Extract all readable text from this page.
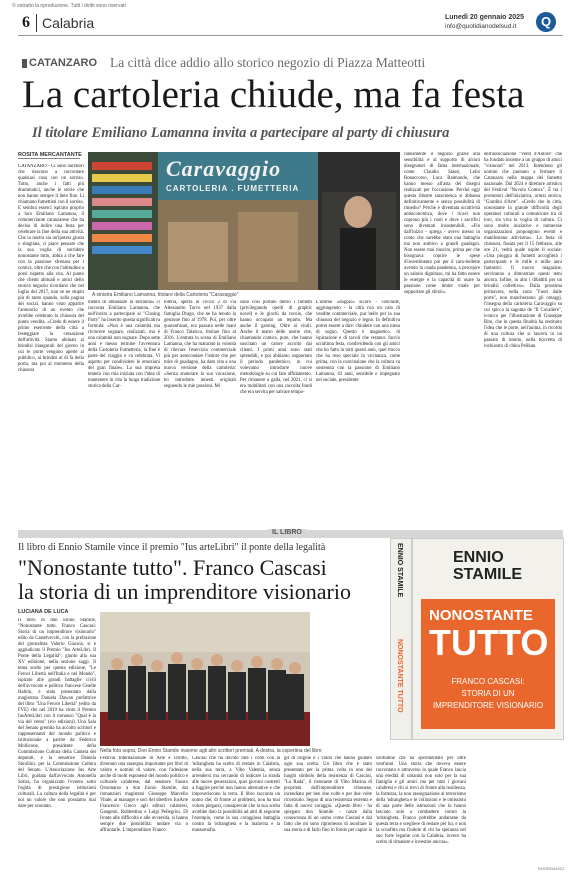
© estratto la riproduzione. Tutti i diritti sono riservati
6 Calabria	Lunedì 20 gennaio 2025
info@quotidianodelsud.it	Q
CATANZARO La città dice addio allo storico negozio di Piazza Matteotti
La cartoleria chiude, ma fa festa
Il titolare Emiliano Lamanna invita a partecipare al party di chiusura
ROSITA MERCANTANTE
CATANZARO - Ci sono narratori che riescono a raccontare qualsiasi cosa con un sorriso. Tutto, anche i fatti più drammatici, anche le storie che non hanno sempre il lieto fine. Li chiamano fumettisti con il sorriso. E sembra esserci ispirato proprio a loro Emiliano Lamanna, il commerciante catanzarese che ha deciso di indire una festa per celebrare la fine della sua attività. Che la nostra sia un'ipotesi giusta o sbagliata, ci piace pensare che la sua voglia di sorridere nonostante tutto, abbia a che fare con la passione sfrenata per i comics, oltre che con l'attitudine a porsi rispetto alla vita. Al punto che clienti abituali e amici dello storico negozio ricordano che nel luglio del 2017, non se ne stupiti più di tanto quando, sulla pagina dei social, hanno visto apparire l'annuncio di un evento che avrebbe celebrato la chiusura del punto vendita. «Credo di essere il primo esercente della città a festeggiare la cessazione dell'attività. Siamo abituati ai brindisi inaugurali del giorno in cui le porte vengono aperte al pubblico, ai brindisi al di là della porta, ma poi al momento della chiusura
Caravaggio
CARTOLERIA . FUMETTERIA
A sinistra Emiliano Lamanna, titolare della Cartoleria "Caravaggio"
mento di abbassare la serranda» ci racconta Emiliano Lamanna, che nell'invito a partecipare al "Closing Party" ha inserito questa significativa formula: «Non è una calamità ma rivincere sognare, realizzati, ma è una calamità non sognare. Dopo sette anni e messo termine l'avventura della Cartoleria Fumetteria, la fine è parte del viaggio e va celebrata. Vi aspetto per condividere le emozioni del gran finale». La sua impresa tenterà con mia iniziata con l'idea di mantenere in vita la lunga tradizione storica della Car-
toleria, aperta al civico 2 di via Alessandro Turco nel 1937 dalla famiglia Drago, che ne ha tenuto la gestione fino al 1978. Poi, per oltre quarant'anni, era passata nelle mani di Franco Talarico, titolare fino al 2016. L'entrata in scena di Emiliano Lamanna, che ha maturato la volontà di rilevare l'esercizio commerciale più per assecondare l'istinto che per mire di guadagno, ha dato vita a una nuova versione della cartoleria: «Senza snaturare la sua vocazione, ho introdotto innesti originali seguendo le mie passioni. Mi
sono così portato dietro i fumetti (privilegiando quelli di graphic novel) e le giochi da tavolo, che hanno occupato un reparto. Ma anche il gaming. Oltre ai vinili. Anche il teatro delle nostre vite, chiamando comics, pure, che hanno suscitato un calore accolto dai clienti. I primi anni sono stati splendidi, e poi abbiamo sopportato il periodo pandemico, in cui volevamo introdurre nuove metodologie su cui fare affidamento. Per rimanere a galla, nel 2021, ci si era mobilitati con una raccolta fondi che era servita per salvare tempo-
raneamente il negozio grazie alla sensibilità e al supporto di alcuni disegnatori di fama internazionale, come Claudio Stassi, Lelio Bonaccorso, Luca Raimondo, che hanno messo all'asta dei disegni realizzati per l'occasione. Perché oggi questa illustre saracinesca si abbassa definitivamente e senza possibilità di rimedio? Perché è diventata un'attività antieconomica, dove i ricavi non coprono più i costi e dove i sacrifici sono diventati insostenibili. «Fin dall'inizio - spiega - avevo messo in conto che sarebbe stata una battaglia ma non ambivo a grandi guadagni. Non essere mai riuscito, prima per che bisognava coprire le spese d'investimento poi per il caro-bollette avendo la cauda pandemia, a percepire un salario dignitoso, mi ha fatto essere le energie e la capacità di usare la passione come limite vitale per sopportare gli sforzi».
dell'associazione "Venti d'Autore" che ha fondato insieme a un gruppo di amici "visionari" nel 2013. Intendono gli uomini che puntano a fermare il Catanzaro nella mappa del fumetto nazionale. Dal 2024 è direttore artistico del Festival "Nuvola Comics". È tra i promotori dell'iniziativa, ormai storica, "Giardini d'Arte". «Credo che in città, nonostante la grande difficoltà degli operatori culturali a comunicare tra di loro, sia viva la voglia di cultura. Ci sono molte iniziative e numerose organizzazioni propongono eventi e manifestano attivismo». La festa di chiusura, fissata per il 15 febbraio, alle ore 21, vedrà quale ospite il sociale: «Una pioggia di fumetti accoglierà i partecipanti e le mille e mille anni fantastici. Il nuovo magazine, serviranno a dimostrare questi temi ancora. Infine, in alto i dibattiti per un brindisi collettivo». Dalla prossima primavera, nella zona "Fuori dalle porte", non mancheranno gli omaggi, l'insegna della cartoleria Caravaggio su cui spicca la sagoma de "Il Cavaliere", iconico per l'illustrazione di Giuseppe Rito, che in questa finalità ha restituito l'idea che le porte, nell'anima, in ricordo di una cultura che si lascerà in un passato di intuito, nella boccetta di inchiostro di china Pelikan.
L'ultimo «doppio» sicuro - conclude, aggiungendo - la città con un calo di vendite commerciale, pur bello per la sua chiusura del negozio e legno. In definitiva potrei essere a dire: chiudere con una mesa di sogno. Questo è magnetico, di ispirazione e di tavoli che restano: faccio un'ultima festa, condividendo con gli amici che ho fatto in tutti questi anni, quel trucco che ha reso speciale la vicinanza, come prima, con la convinzione che la cultura va sostenuta con la passione di Emiliano Lamanna, 43 anni, sensibile e impegnato nel sociale, presidente
IL LIBRO
Il libro di Ennio Stamile vince il premio "Ius arteLibri" il ponte della legalità
"Nonostante tutto". Franco Cascasi
la storia di un imprenditore visionario
LUCIANA DE LUCA
Il libro di don Ennio Stamile, "Nonostante tutto. Franco Cascasi: Storia di un imprenditore visionario" edito da Castelvecchi, con la prefazione del giornalista Valerio Giacoia, si è aggiudicato il Premio "Ius ArteLibri. Il Ponte della Legalità", giunto alla sua XV edizione, nella sezione saggi. Il tema scelto per questa edizione, "Le Feroci Libertà nell'Italia e nel Mondo", ispirato alle grandi battaglie civili dell'avvocato e politico francese Giselle Halimi, è stato presentato dalla magistrata Daniela Dawan prefattrice del libro "Una Feroce Libertà" (edito da FVE) che nel 2019 ha vinto il Premio IusArteLibri con il romanzo "Qual è la via del vento" (e/o edizioni). Una Sala del Senato gremita ha accolto scrittori e rappresentanti del mondo politico e istituzionale a partire da Federico Mollicone, presidente della Commissione Cultura della Camera dei deputati, e la senatrice Daniela Sbrollini, per la Commissione Cultura del Senato. L'Associazione Ius Arte Libri, guidata dall'avvocato Antonella Sotira, ha organizzato l'evento sotto l'egida di prestigiose istituzioni culturali. La cultura della legalità è per noi un valore che non possiamo mai dare per scontato.
ENNIO STAMILE
NONOSTANTE TUTTO
ENNIO STAMILE
NONOSTANTE
TUTTO
FRANCO CASCASI:
STORIA DI UN
IMPRENDITORE VISIONARIO
Nella foto sopra, Don Ennio Stamile insieme agli altri scrittori premiati. A destra, la copertina del libro
Festival Internazionale di Arte e Diritto, divenuto una rassegna importante per libri di valore e uomini di valore, con l'adesione anche di molti esponenti del mondo politico e culturale calabrese, dal senatore Fausto Orsomarso a don Ennio Stamile, dai romanzieri magistrati Giuseppe Marcello Vitale, ai manager e soci del direttivo IusArte Francesco Greco agli editori calabresi, Gangemi, Rubbettino e Luigi Pellegrini. Di fronte alle difficoltà e alle avversità, si hanno sempre due possibilità: undare via o affrontarle. L'imprenditore Franco
Cascasi che ha dovuto fare i conti con la 'ndrangheta ha scelto di restare in Calabria, nella sua terra, a Vibo Valentia, senza arrendersi ma cercando di indicare la strada alle nuove generazioni, quei giovani costretti a fuggire perché non hanno alternative e che impoveriscono la terra. Il libro racconta un uomo che, di fronte ai problemi, non ha mai voluto piegarsi, consapevole che la sua scelta avrebbe dato la possibilità ad altri di seguirne l'esempio, come la sua coraggiosa battaglia contro la 'ndrangheta e la malavita e la massomafia.
gli di origine e i valori che hanno guidato ogni sua scelta. Un libro che è stato presentato per la prima volta in uno dei luoghi simbolo della resistenza di Cascasi, "La Rada", il ristorante di Vibo Marina di proprietà dell'imprenditore vibonese, incendiato per ben due volte e per due volte ricostruito. Segno di una resistenza estrema e fatta di nuovo coraggio. «Questo libro - ha spiegato don Stamile - nasce dalla conoscenza di un uomo come Cascasi e dal fatto che mi sono ripromesso di ascoltare la sua storia e di farlo fino in fondo per capire la
solitudine che ha sperimentato per oltre vent'anni. Una storia che doveva essere raccontata e attraverso la quale Franco lascia una eredità di umanità non solo per la sua famiglia e gli amici ma per tutti i giovani calabresi e chi si trovi di fronte alla resilienza, la fortezza, la non rassegnazione al terrorismo della 'ndrangheta e le collusioni e le omissioni di una parte delle istituzioni che lo hanno lasciato solo a combattere contro la 'ndrangheta. Franco potrebbe andarsene da questa terra e scegliere di restare per lui, e non la sconfitta ma l'indole di chi ha speranza nel suo forte legame con la Calabria, invece ha scelto di rimanere e investire ancora».
ROGRO4/0/21
